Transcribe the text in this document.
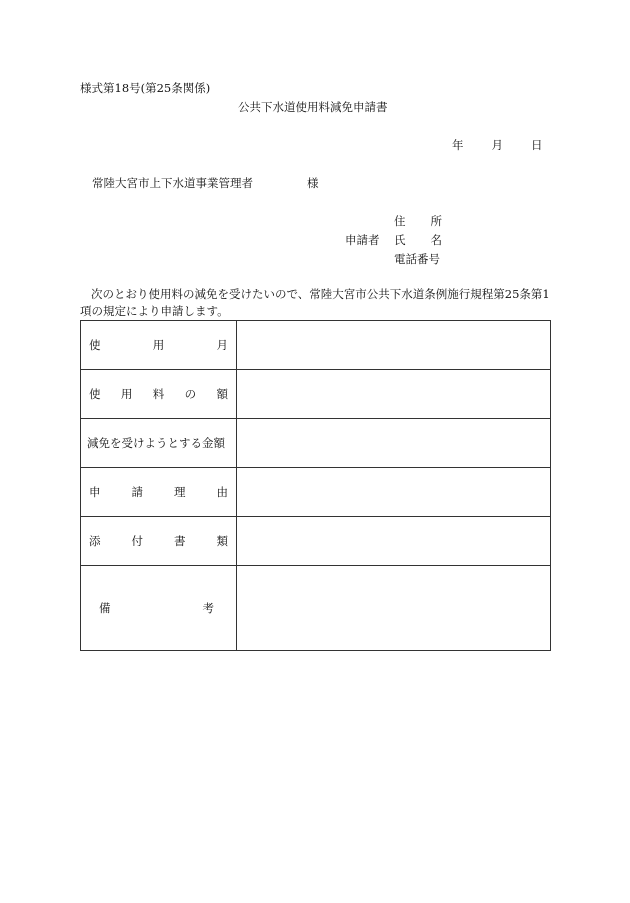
様式第18号(第25条関係)
公共下水道使用料減免申請書
年 月 日
常陸大宮市上下水道事業管理者	様
住 所
申請者	氏 名
電話番号
次のとおり使用料の減免を受けたいので、常陸大宮市公共下水道条例施行規程第25条第1項の規定により申請します。
使 用 月	

使 用 料 の 額	

減免を受けようとする金額	

申 請 理 由	

添 付 書 類	

備 考	
